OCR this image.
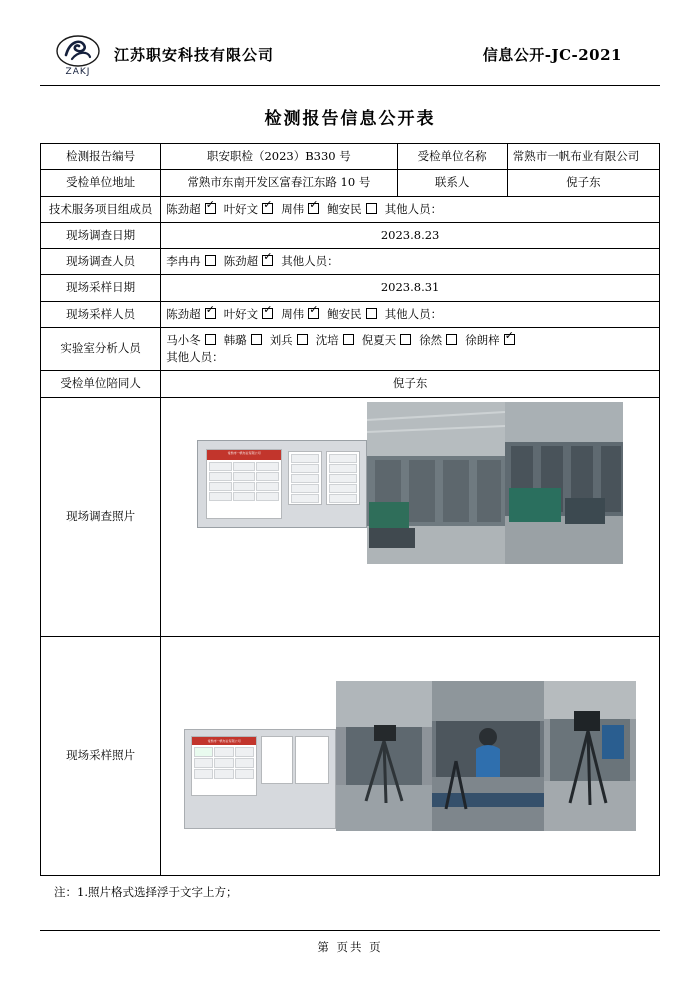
ZAKJ
江苏职安科技有限公司	信息公开-JC-2021
检测报告信息公开表
检测报告编号	职安职检（2023）B330 号	受检单位名称	常熟市一帆布业有限公司
受检单位地址	常熟市东南开发区富春江东路 10 号	联系人	倪子东
技术服务项目组成员	陈劲超 ✓ 叶好文 ✓ 周伟 ✓ 鲍安民 其他人员：
现场调查日期	2023.8.23		
现场调查人员	李冉冉 陈劲超 ✓ 其他人员：
现场采样日期	2023.8.31		
现场采样人员	陈劲超 ✓ 叶好文 ✓ 周伟 ✓ 鲍安民 其他人员：
实验室分析人员	马小冬 韩璐 刘兵 沈培 倪夏天 徐然 徐朗梓✓
其他人员：

受检单位陪同人	倪子东		
现场调查照片	常熟市一帆布业有限公司		

现场采样照片	常熟市一帆布业有限公司		
注：1.照片格式选择浮于文字上方；
第 页共 页
